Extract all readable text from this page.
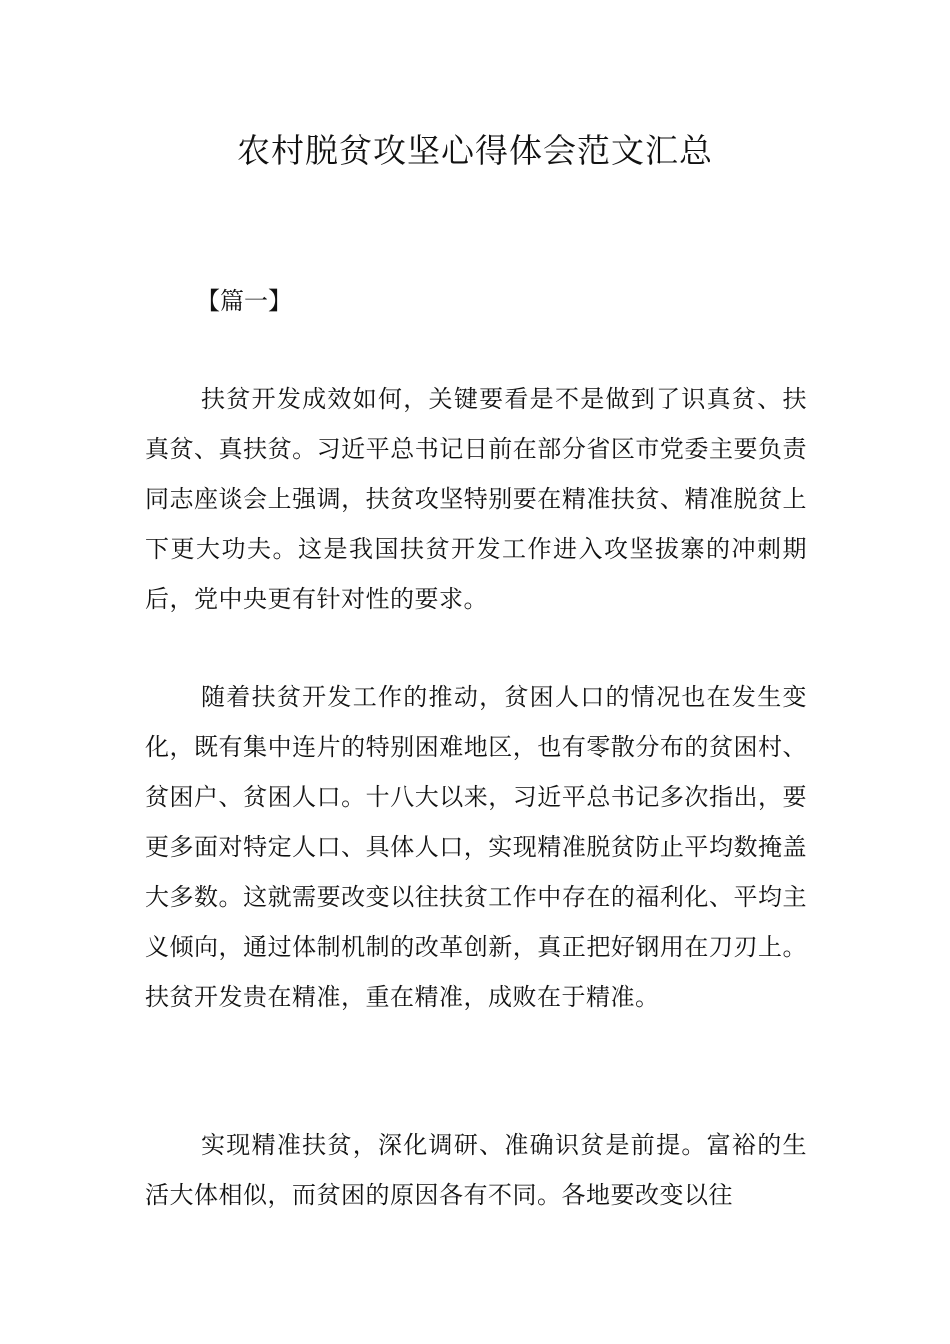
农村脱贫攻坚心得体会范文汇总
【篇一】

扶贫开发成效如何，关键要看是不是做到了识真贫、扶真贫、真扶贫。习近平总书记日前在部分省区市党委主要负责同志座谈会上强调，扶贫攻坚特别要在精准扶贫、精准脱贫上下更大功夫。这是我国扶贫开发工作进入攻坚拔寨的冲刺期后，党中央更有针对性的要求。

随着扶贫开发工作的推动，贫困人口的情况也在发生变化，既有集中连片的特别困难地区，也有零散分布的贫困村、贫困户、贫困人口。十八大以来，习近平总书记多次指出，要更多面对特定人口、具体人口，实现精准脱贫防止平均数掩盖大多数。这就需要改变以往扶贫工作中存在的福利化、平均主义倾向，通过体制机制的改革创新，真正把好钢用在刀刃上。扶贫开发贵在精准，重在精准，成败在于精准。

实现精准扶贫，深化调研、准确识贫是前提。富裕的生活大体相似，而贫困的原因各有不同。各地要改变以往
